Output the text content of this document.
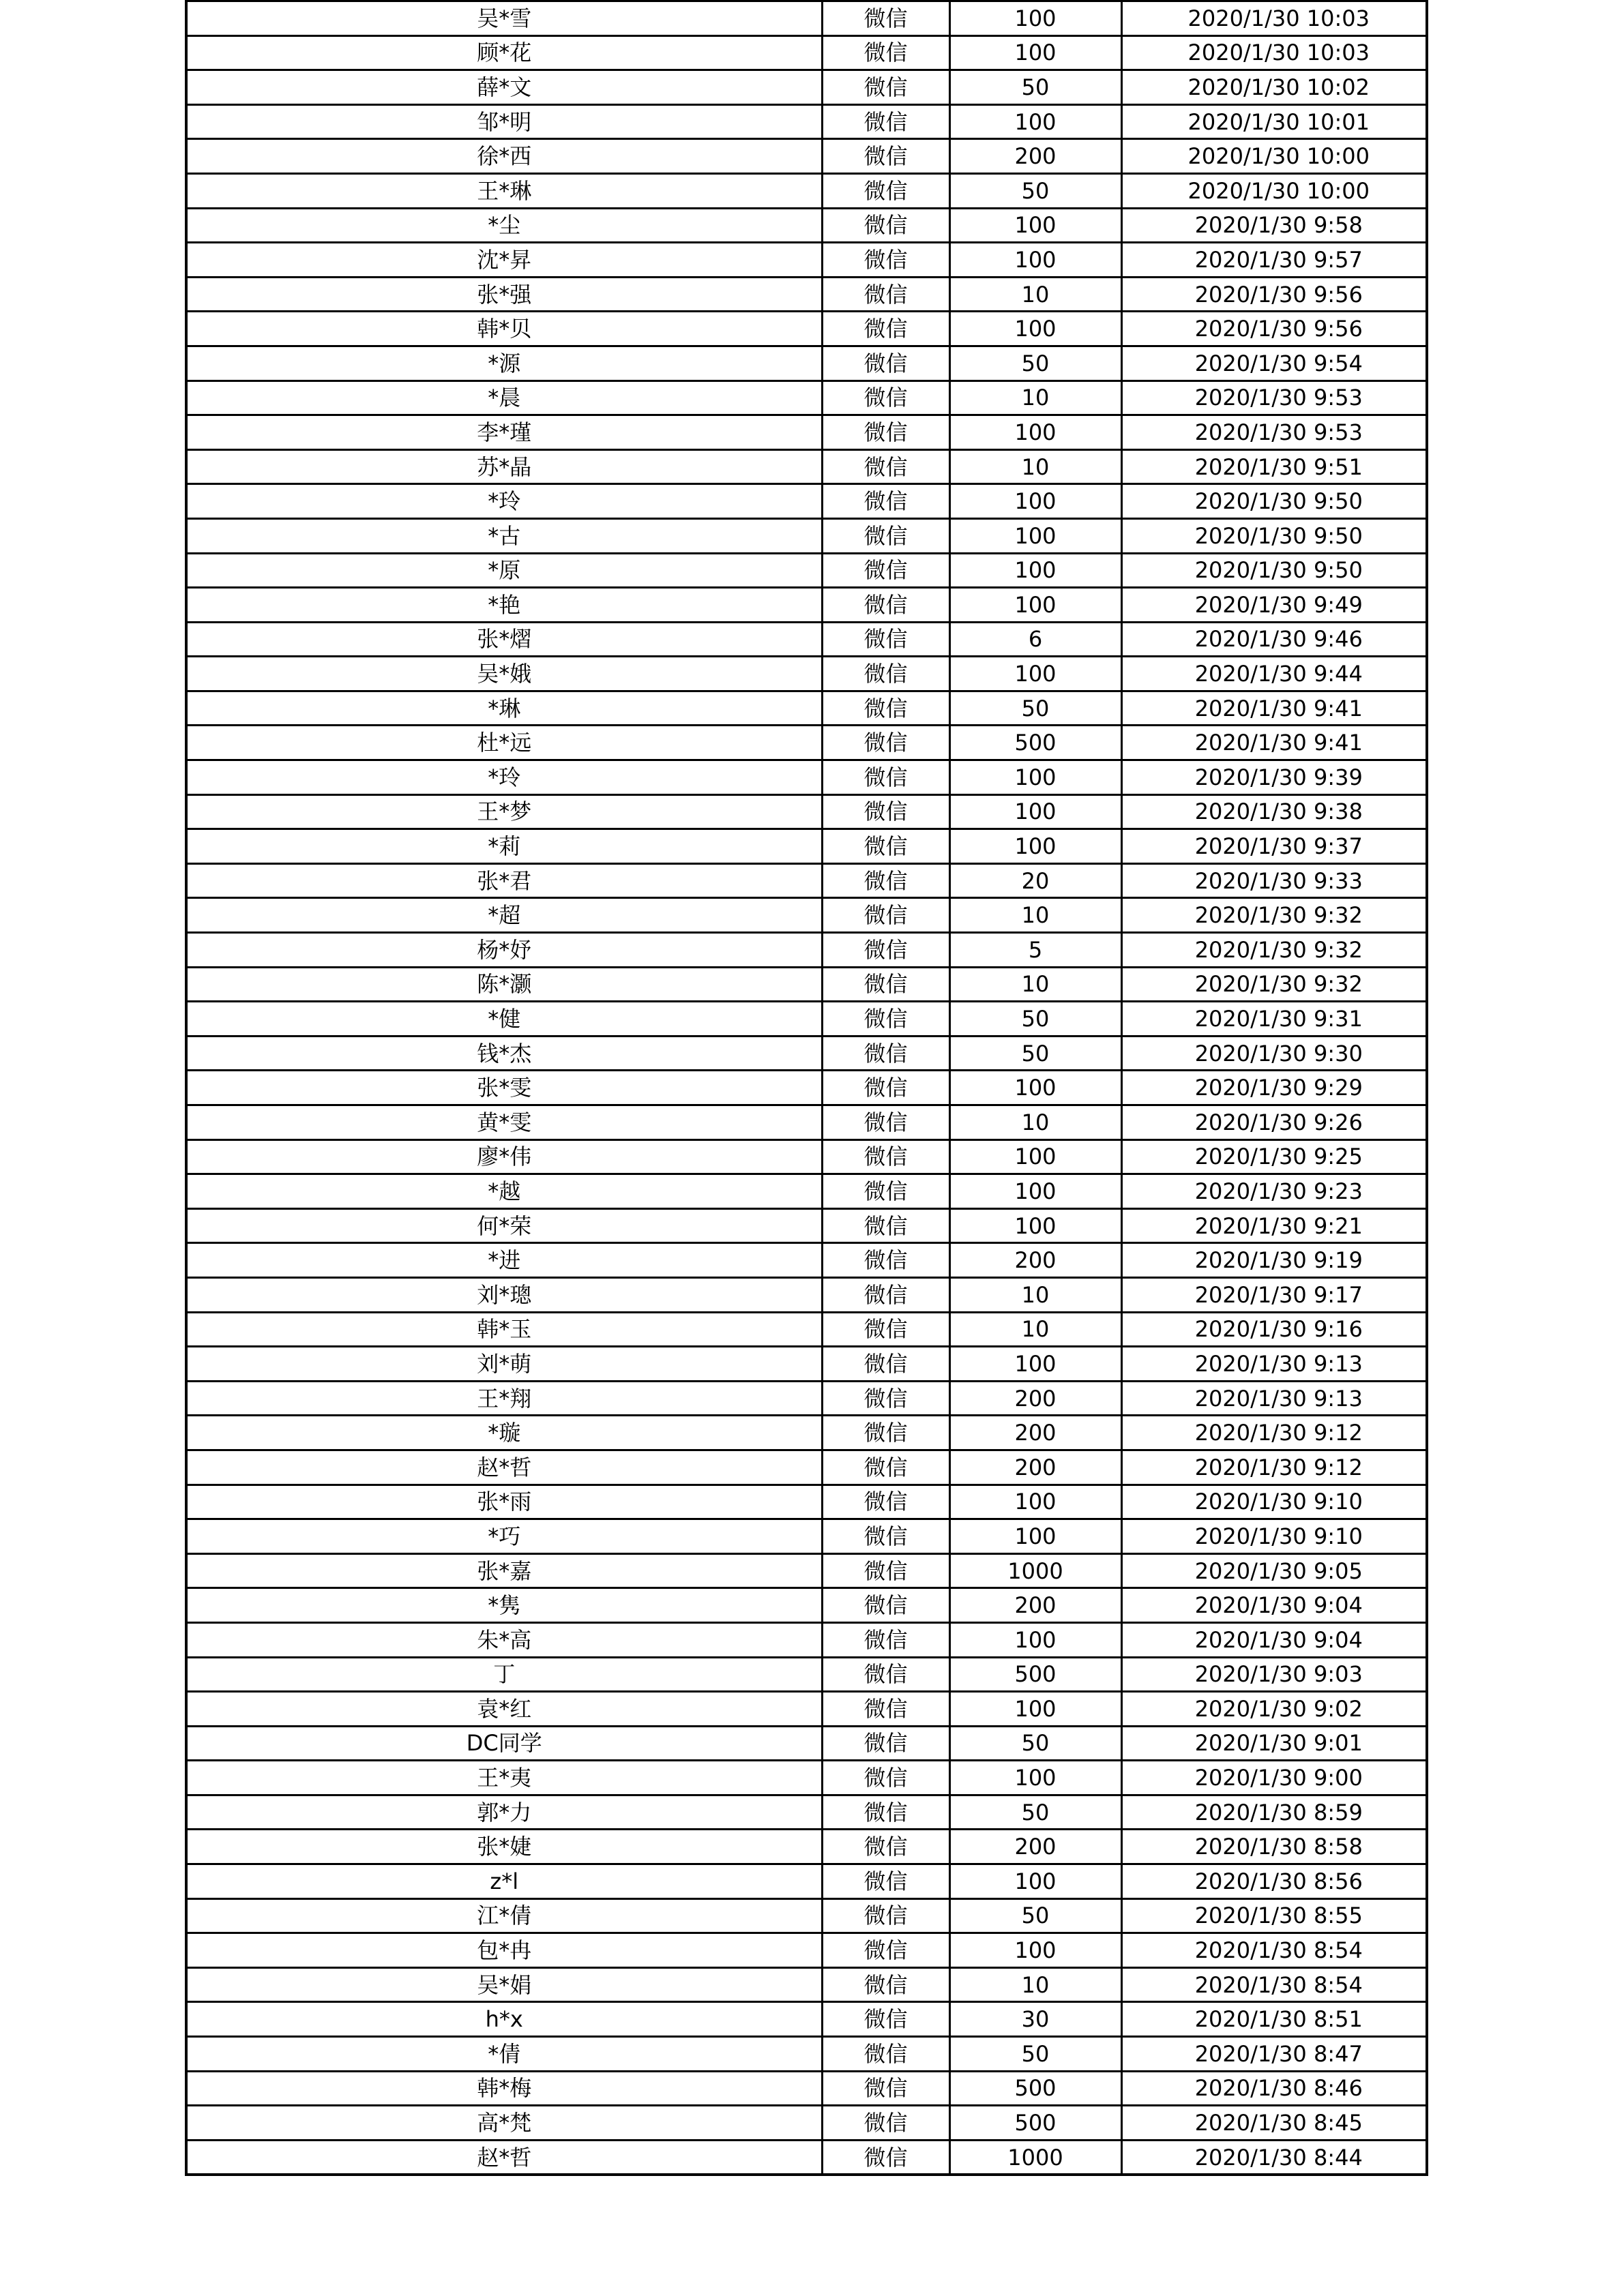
吴*雪	微信	100	2020/1/30 10:03
顾*花	微信	100	2020/1/30 10:03
薛*文	微信	50	2020/1/30 10:02
邹*明	微信	100	2020/1/30 10:01
徐*西	微信	200	2020/1/30 10:00
王*琳	微信	50	2020/1/30 10:00
*尘	微信	100	2020/1/30 9:58
沈*昇	微信	100	2020/1/30 9:57
张*强	微信	10	2020/1/30 9:56
韩*贝	微信	100	2020/1/30 9:56
*源	微信	50	2020/1/30 9:54
*晨	微信	10	2020/1/30 9:53
李*瑾	微信	100	2020/1/30 9:53
苏*晶	微信	10	2020/1/30 9:51
*玲	微信	100	2020/1/30 9:50
*古	微信	100	2020/1/30 9:50
*原	微信	100	2020/1/30 9:50
*艳	微信	100	2020/1/30 9:49
张*熠	微信	6	2020/1/30 9:46
吴*娥	微信	100	2020/1/30 9:44
*琳	微信	50	2020/1/30 9:41
杜*远	微信	500	2020/1/30 9:41
*玲	微信	100	2020/1/30 9:39
王*梦	微信	100	2020/1/30 9:38
*莉	微信	100	2020/1/30 9:37
张*君	微信	20	2020/1/30 9:33
*超	微信	10	2020/1/30 9:32
杨*妤	微信	5	2020/1/30 9:32
陈*灏	微信	10	2020/1/30 9:32
*健	微信	50	2020/1/30 9:31
钱*杰	微信	50	2020/1/30 9:30
张*雯	微信	100	2020/1/30 9:29
黄*雯	微信	10	2020/1/30 9:26
廖*伟	微信	100	2020/1/30 9:25
*越	微信	100	2020/1/30 9:23
何*荣	微信	100	2020/1/30 9:21
*进	微信	200	2020/1/30 9:19
刘*璁	微信	10	2020/1/30 9:17
韩*玉	微信	10	2020/1/30 9:16
刘*萌	微信	100	2020/1/30 9:13
王*翔	微信	200	2020/1/30 9:13
*璇	微信	200	2020/1/30 9:12
赵*哲	微信	200	2020/1/30 9:12
张*雨	微信	100	2020/1/30 9:10
*巧	微信	100	2020/1/30 9:10
张*嘉	微信	1000	2020/1/30 9:05
*隽	微信	200	2020/1/30 9:04
朱*高	微信	100	2020/1/30 9:04
丁	微信	500	2020/1/30 9:03
袁*红	微信	100	2020/1/30 9:02
DC同学	微信	50	2020/1/30 9:01
王*夷	微信	100	2020/1/30 9:00
郭*力	微信	50	2020/1/30 8:59
张*婕	微信	200	2020/1/30 8:58
z*l	微信	100	2020/1/30 8:56
江*倩	微信	50	2020/1/30 8:55
包*冉	微信	100	2020/1/30 8:54
吴*娟	微信	10	2020/1/30 8:54
h*x	微信	30	2020/1/30 8:51
*倩	微信	50	2020/1/30 8:47
韩*梅	微信	500	2020/1/30 8:46
高*梵	微信	500	2020/1/30 8:45
赵*哲	微信	1000	2020/1/30 8:44
